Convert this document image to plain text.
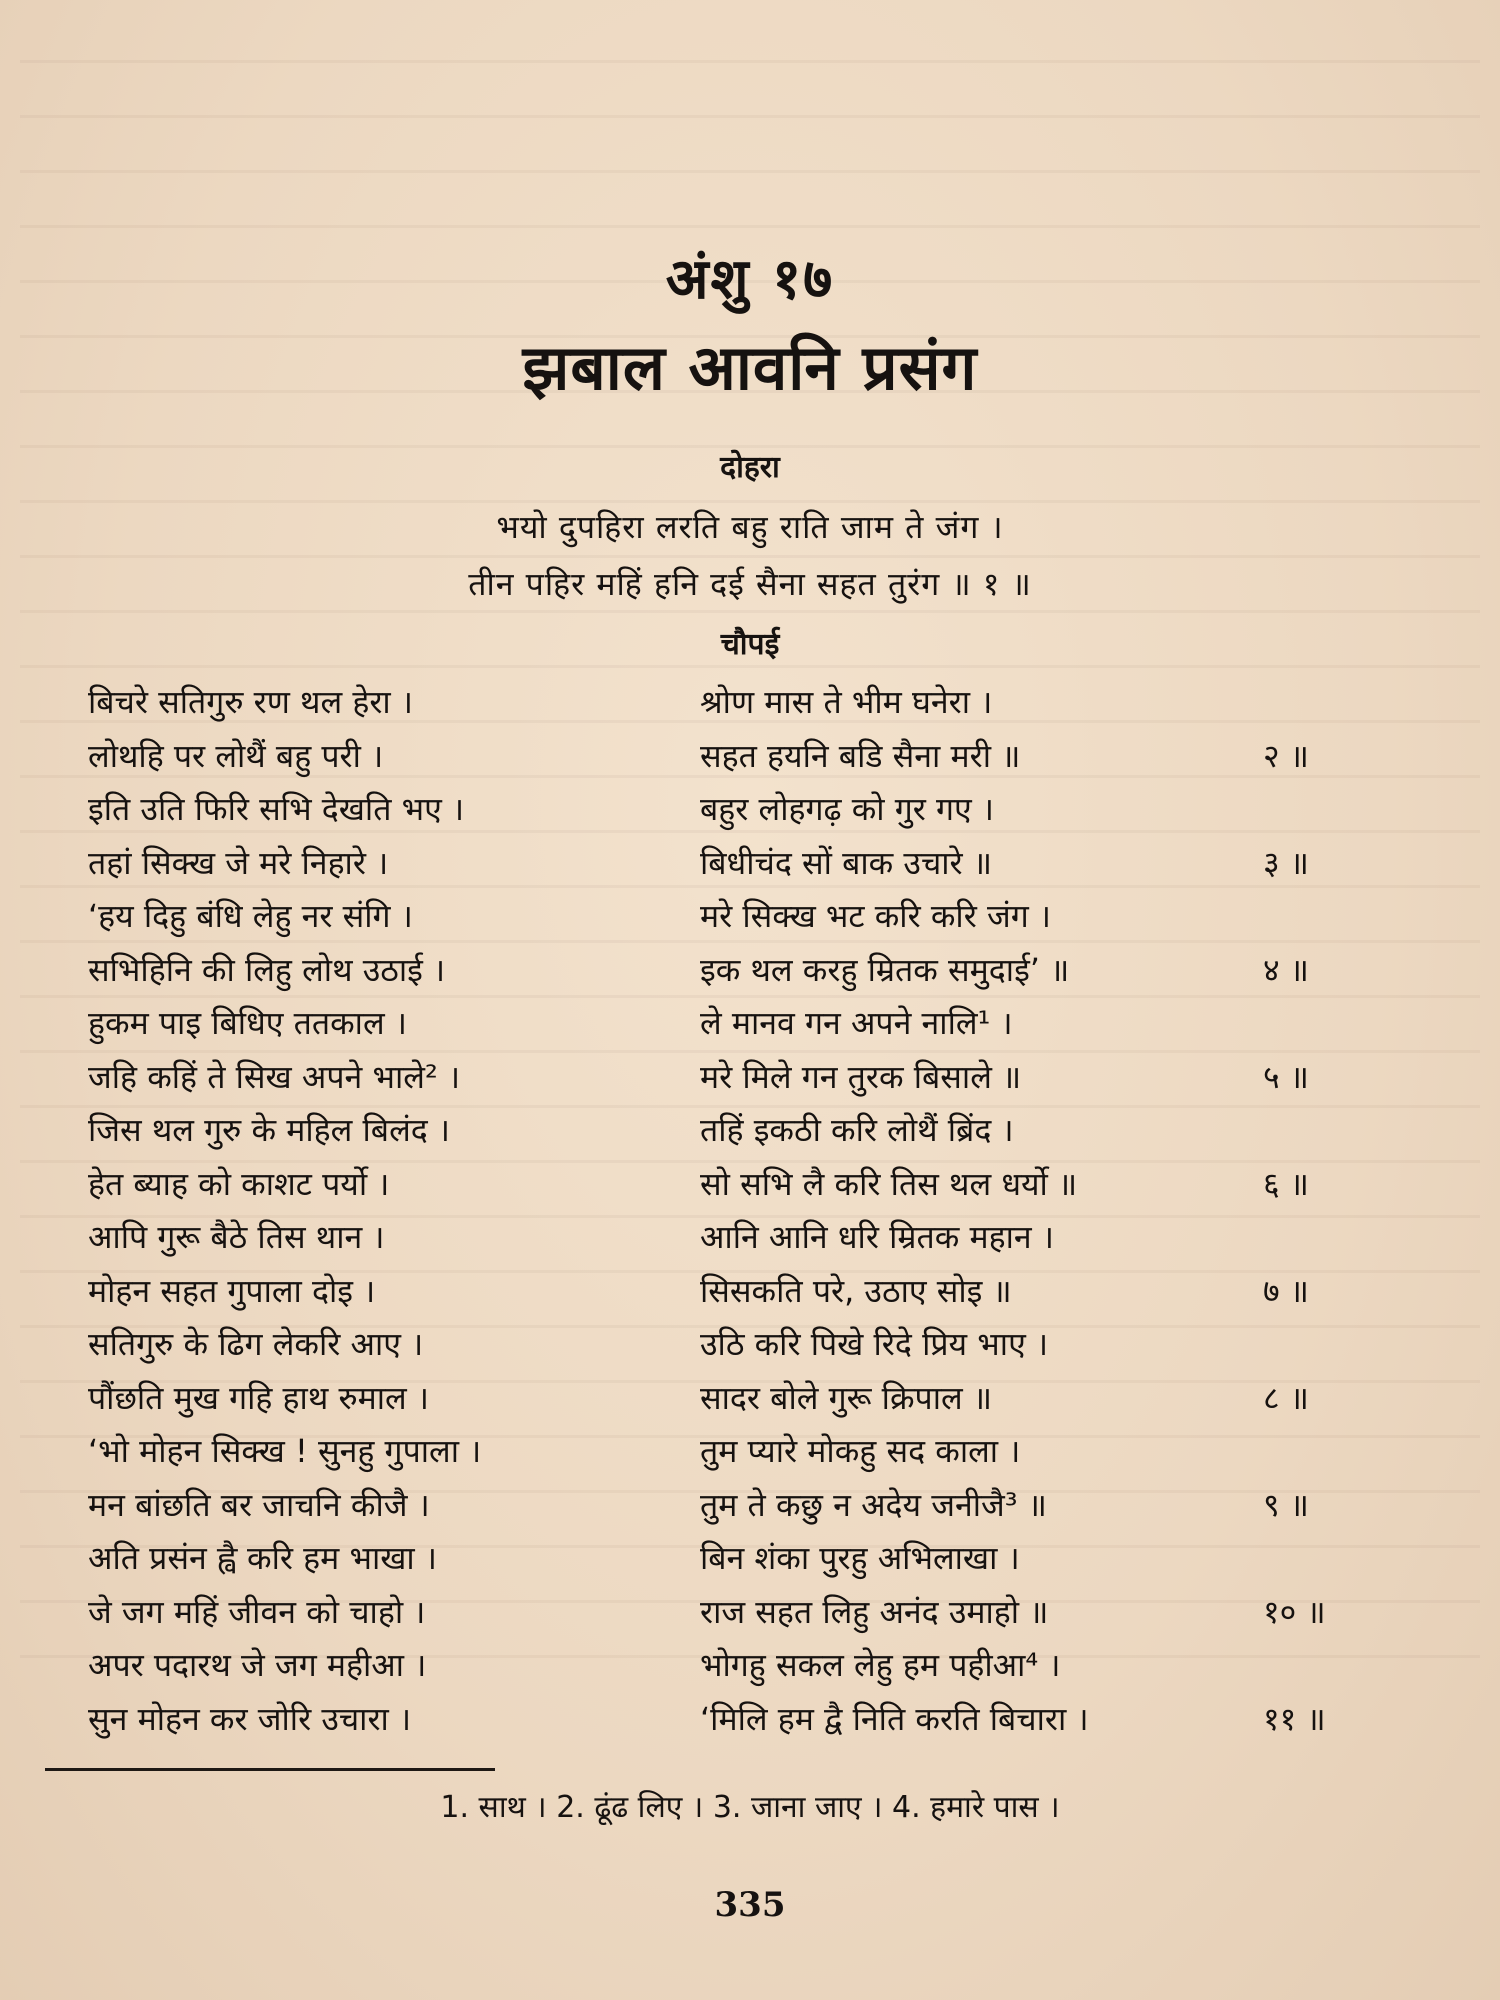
अंशु १७
झबाल आवनि प्रसंग
दोहरा
भयो दुपहिरा लरति बहु राति जाम ते जंग ।
तीन पहिर महिं हनि दई सैना सहत तुरंग ॥ १ ॥
चौपई
बिचरे सतिगुरु रण थल हेरा ।	श्रोण मास ते भीम घनेरा ।
लोथहि पर लोथैं बहु परी ।	सहत हयनि बडि सैना मरी ॥	२ ॥
इति उति फिरि सभि देखति भए ।	बहुर लोहगढ़ को गुर गए ।
तहां सिक्ख जे मरे निहारे ।	बिधीचंद सों बाक उचारे ॥	३ ॥
‘हय दिहु बंधि लेहु नर संगि ।	मरे सिक्ख भट करि करि जंग ।
सभिहिनि की लिहु लोथ उठाई ।	इक थल करहु म्रितक समुदाई’ ॥	४ ॥
हुकम पाइ बिधिए ततकाल ।	ले मानव गन अपने नालि¹ ।
जहि कहिं ते सिख अपने भाले² ।	मरे मिले गन तुरक बिसाले ॥	५ ॥
जिस थल गुरु के महिल बिलंद ।	तहिं इकठी करि लोथैं ब्रिंद ।
हेत ब्याह को काशट पर्यो ।	सो सभि लै करि तिस थल धर्यो ॥	६ ॥
आपि गुरू बैठे तिस थान ।	आनि आनि धरि म्रितक महान ।
मोहन सहत गुपाला दोइ ।	सिसकति परे, उठाए सोइ ॥	७ ॥
सतिगुरु के ढिग लेकरि आए ।	उठि करि पिखे रिदे प्रिय भाए ।
पौंछति मुख गहि हाथ रुमाल ।	सादर बोले गुरू क्रिपाल ॥	८ ॥
‘भो मोहन सिक्ख ! सुनहु गुपाला ।	तुम प्यारे मोकहु सद काला ।
मन बांछति बर जाचनि कीजै ।	तुम ते कछु न अदेय जनीजै³ ॥	९ ॥
अति प्रसंन ह्वै करि हम भाखा ।	बिन शंका पुरहु अभिलाखा ।
जे जग महिं जीवन को चाहो ।	राज सहत लिहु अनंद उमाहो ॥	१० ॥
अपर पदारथ जे जग महीआ ।	भोगहु सकल लेहु हम पहीआ⁴ ।
सुन मोहन कर जोरि उचारा ।	‘मिलि हम द्वै निति करति बिचारा ।	११ ॥
1. साथ । 2. ढूंढ लिए । 3. जाना जाए । 4. हमारे पास ।
335
